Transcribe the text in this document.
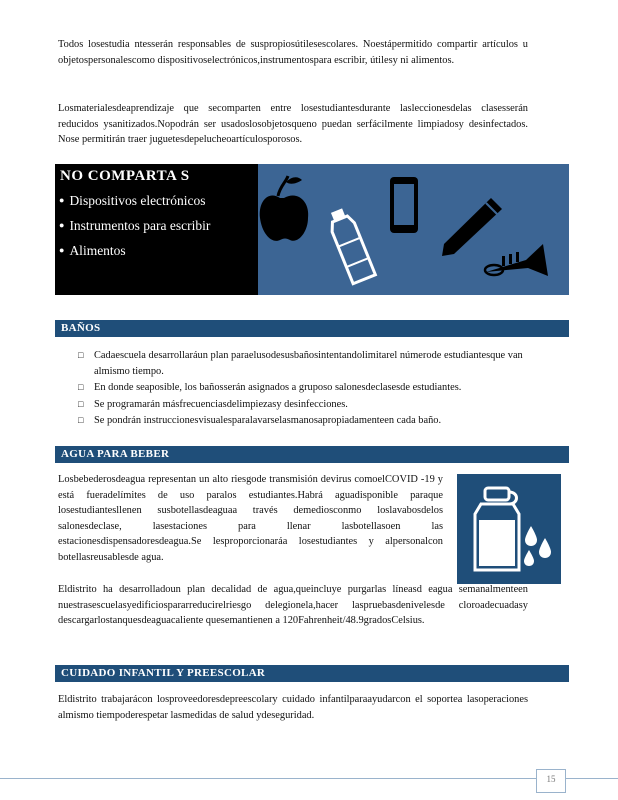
Todos losestudia ntesserán responsables de suspropiosútilesescolares. Noestápermitido compartir artículos u objetospersonalescomo dispositivoselectrónicos,instrumentospara escribir, útilesy ni alimentos.

Losmaterialesdeaprendizaje que secomparten entre losestudiantesdurante lasleccionesdelas clasesserán reducidos ysanitizados.Nopodrán ser usadoslosobjetosqueno puedan serfácilmente limpiadosy desinfectados. Nose permitirán traer juguetesdepelucheoartículosporosos.

NO COMPARTA S
● Dispositivos electrónicos
● Instrumentos para escribir
● Alimentos
BAÑOS
□ Cadaescuela desarrollaráun plan paraelusodesusbañosintentandolimitarel númerode estudiantesque van almismo tiempo.
□ En donde seaposible, los bañosserán asignados a gruposo salonesdeclasesde estudiantes.
□ Se programarán másfrecuenciasdelimpiezasy desinfecciones.
□ Se pondrán instruccionesvisualesparalavarselasmanosapropiadamenteen cada baño.
AGUA PARA BEBER

Losbebederosdeagua representan un alto riesgode transmisión devirus comoelCOVID -19 y está fueradelímites de uso paralos estudiantes.Habrá aguadisponible paraque losestudiantesllenen susbotellasdeaguaa través demediosconmo loslavabosdelos salonesdeclase, lasestaciones para llenar lasbotellasoen las estacionesdispensadoresdeagua.Se lesproporcionaráa losestudiantes y alpersonalcon botellasreusablesde agua.

Eldistrito ha desarrolladoun plan decalidad de agua,queincluye purgarlas líneasd eagua semanalmenteen nuestrasescuelasyedificiospararreducirelriesgo delegionela,hacer laspruebasdenivelesde cloroadecuadasy descargarlostanquesdeaguacaliente quesemantienen a 120Fahrenheit/48.9gradosCelsius.

CUIDADO INFANTIL Y PREESCOLAR

Eldistrito trabajarácon losproveedoresdepreescolary cuidado infantilparaayudarcon el soportea lasoperaciones almismo tiempoderespetar lasmedidas de salud ydeseguridad.

15
